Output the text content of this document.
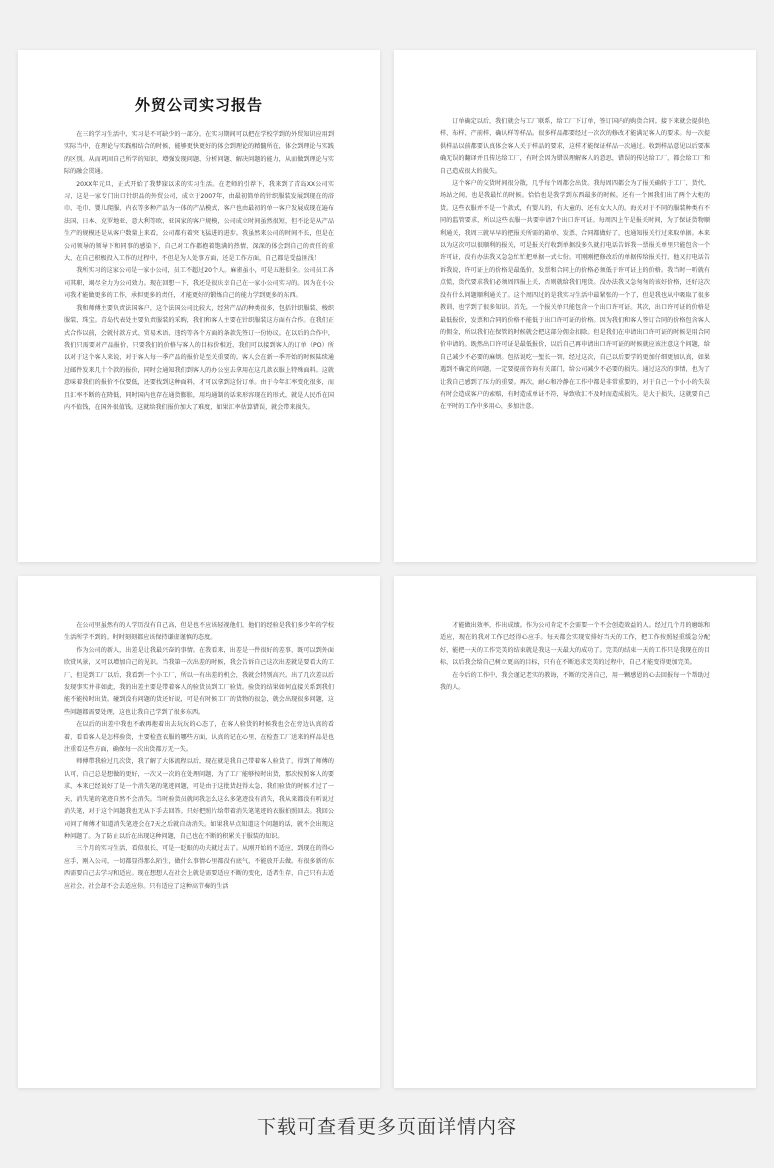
外贸公司实习报告

在三的学习生活中，实习是不可缺少的一部分。在实习期间可以把在学校学到的外贸知识应用到实际当中，在理论与实践相结合的时候，能够更快更好的体会到理论的精髓所在，体会到理论与实践的区别。从而巩固自己所学的知识，增强发现问题、分析问题、解决问题的能力，从而做到理论与实际的融会贯通。

20XX年元旦，正式开始了我梦寐以求的实习生活。在老师的引荐下，我来到了青岛XX公司实习，这是一家专门出口针织品的外贸公司，成立于2007年，由最初简单的针织服装发展到现在的浴巾、毛巾、婴儿爬服、内衣等多种产品为一体的产品模式，客户也由最初的单一客户发展成现在遍布法国、日本、克罗地亚、意大利等欧、亚国家的客户规模，公司成立时间虽然很短，但不论是从产品生产的规模还是从客户数量上来看，公司都有着突飞猛进的进步。我虽然来公司的时间不长，但是在公司领导的领导下和同事的感染下，自己对工作都抱着饱满的热情，深深的体会到自己的责任的重大，在自己积极投入工作的过程中，不但是为人处事方面，还是工作方面，自己都是受益匪浅！

我所实习的这家公司是一家小公司，员工不超过20个人。麻雀虽小，可是五脏俱全。公司员工各司其职，竭尽全力为公司效力。现在回想一下，我还是很庆幸自己在一家小公司实习的。因为在小公司我才能做更多的工作，承担更多的责任，才能更好的锻炼自己的能力学到更多的东西。

我和师傅主要负责法国客户，这个法国公司比较大，经营产品的种类很多，包括针织服装、梭织服装、珠宝。青岛代表处主要负责服装的采购，我们和客人主要在针织服装这方面有合作。在我们正式合作以前，会就付款方式、贸易术语、违约等各个方面的条款先签订一份协议。在以后的合作中，我们只需要对产品报价，只要我们的价格与客人的目标价相近，我们可以接到客人的订单（PO）所以对于这个客人来说，对于客人每一季产品的报价是至关重要的。客人会在新一季开始的时候陆续通过邮件发来几十个款的报价，同时会通知我们到客人的办公室去拿用在这几款衣服上特殊面料。这就意味着我们的报价不仅要低，还要找到这种面料，才可以拿到这份订单。由于今年汇率变化很多，而且汇率不断的在降低，同时国内也存在通货膨胀，用均通制的话来形容现在的形式，就是人民币在国内不值钱，在国外很值钱。这就给我们报价加大了难度，如果汇率估算错误，就会带来损失。

订单确定以后，我们就会与工厂联系，给工厂下订单，签订国内的购货合同。接下来就会提供色样、布样、产前样，确认样等样品。很多样品都要经过一次次的修改才能满足客人的要求。每一次提供样品以前都要认真体会客人关于样品的要求，这样才能保证样品一次通过。收到样品意见以后要准确无误的翻译并且传达给工厂，有时会因为错误理解客人的意思，错误的传达给工厂，都会给工厂和自己造成很大的损失。

这个客户的交货时间很分散，几乎每个周都会出货。我每周四都会为了报关确转于工厂、货代、场站之间，也是我最忙的时候。恰恰也是我学到东西最多的时候。还有一个困我们出了两个大柜的货。这些衣服并不是一个款式，有婴儿的，有大童的，还有女大人的。海关对于不同的服装种类有不同的监管要求，所以这些衣服一共要申请7个出口许可证。每周四上午是报关时间，为了保证货物顺利通关，我周三就早早的把报关所需的箱单、发票、合同都做好了，也通知报关行过来取单据。本来以为这次可以很顺利的报关，可是报关行收到单据没多久就打电话告诉我一票报关单里只能包含一个许可证，没有办法我又急急忙忙把单据一式七份。可刚刚把修改后的单据传给报关行，他又打电话告诉我说，许可证上的价格是最低价，发票和合同上的价格必须低于许可证上的价格。我当时一听就有点慌，货代要求我们必须周四报上关，否则就给我们甩货。没办法我又急匆匆的该好价格，还好这次没有什么问题顺利通关了。这个周四过的是我实习生活中最紧张的一个了，但是我也从中吸取了很多教训，也学到了很多知识。首先，一个报关单只能包含一个出口许可证。其次，出口许可证的价格是最低报价，发票和合同的价格不能低于出口许可证的价格。因为我们和客人签订合同的价格包含客人的佣金，所以我们在保管的时候就会把这部分佣金扣除。但是我们在申请出口许可证的时候是用合同价申请的。既然出口许可证是最低报价，以后自己再申请出口许可证的时候就应该注意这个问题，给自己减少不必要的麻烦。包括说吃一堑长一智，经过这次，自己以后要学的更加仔细更加认真，如果遇到不确定的问题，一定要提前咨询有关部门，给公司减少不必要的损失。通过这次的事情，也为了让我自己感到了压力的重要。再次，耐心和冷静在工作中都是非常重要的，对于自己一个小小的失误有时会造成客户的索赔，有时造成单证不符，导致收汇不及时而造成损失。是大于损失，这就要自己在平时的工作中多用心，多加注意。

在公司里虽然有的人学历没有自己高，但是也不应该轻视他们，他们的经验是我们多少年的学校生活所学不到的。时时刻刻都应该保持谦虚谨慎的态度。

作为公司的新人，出差是让我最兴奋的事情。在我看来，出差是一件很好的差事，既可以到外面欣赏风景，又可以增加自己的见识。当我第一次出差的时候，我会告诉自己这次出差就是要看大的工厂，但是到工厂以后，我看到一个小工厂，所以一有出差的机会，我就会特别高兴。出了几次差以后发现事实并非如此，我的出差主要是带着客人的验货员到工厂验货。验货的结果如何直接关系到我们能不能按时出货。碰到没有问题的货还好说，可是有时候工厂的货物的很急，就会出现很多问题，这些问题都需要处理，这也让我自己学到了很多东西。

在以后的出差中我也不敢再抱着出去玩玩的心态了，在客人验货的时候我也会在旁边认真的看着，看看客人是怎样验货，主要检查衣服的哪些方面，认真的记在心里，在检查工厂送来的样品是也注重看这些方面，确保每一次出货都万无一失。

师傅带我验过几次货，我了解了大体流程以后，现在就是我自己带着客人验货了，得到了师傅的认可，自己总是想做的更好，一次又一次的在处理问题，为了工厂能够按时出货，那次按照客人的要求，本来已经说好了是一个消失笔的笔迹问题，可是由于这批货赶得太急，我们验货的时候才过了一天，消失笔的笔迹自然不会消失。当时验货员就问我怎么这么多笔迹没有消失，我从来都没有听说过消失笔，对于这个问题我也无从下手去回答。只好把照片给带着消失笔笔迹的衣服拍照回去。我回公司问了师傅才知道消失笔迹会在7天之后就自动消失。如果我早点知道这个问题的话，就不会出现这种问题了。为了防止以后在出现这种问题，自己也在不断的积累关于服装的知识。

三个月的实习生活，看似很长，可是一眨眼的功夫就过去了。从刚开始的不适应，到现在的得心应手，刚入公司，一切都显得那么陌生，做什么事情心里都没有底气，不能放开去做。有很多新的东西需要自己去学习和适应。现在想想人在社会上就是需要适应不断的变化，适者生存，自己只有去适应社会，社会却不会去适应你。只有适应了这种高节奏的生活

才能做出效率，作出成绩。作为公司肯定不会需要一个不会创造效益的人。经过几个月的磨练和适应，现在的我对工作已经得心应手。每天都会实现安排好当天的工作，把工作按照轻重缓急分配好，能把一天的工作完美的结束就是我这一天最大的成功了。完美的结束一天的工作只是我现在的目标，以后我会给自己树立更高的目标，只有在不断追求完美的过程中，自己才能变得更加完美。

在今后的工作中，我会谨记老实的教诲，不断的完善自己，用一颗感恩的心去回报每一个帮助过我的人。

下载可查看更多页面详情内容
